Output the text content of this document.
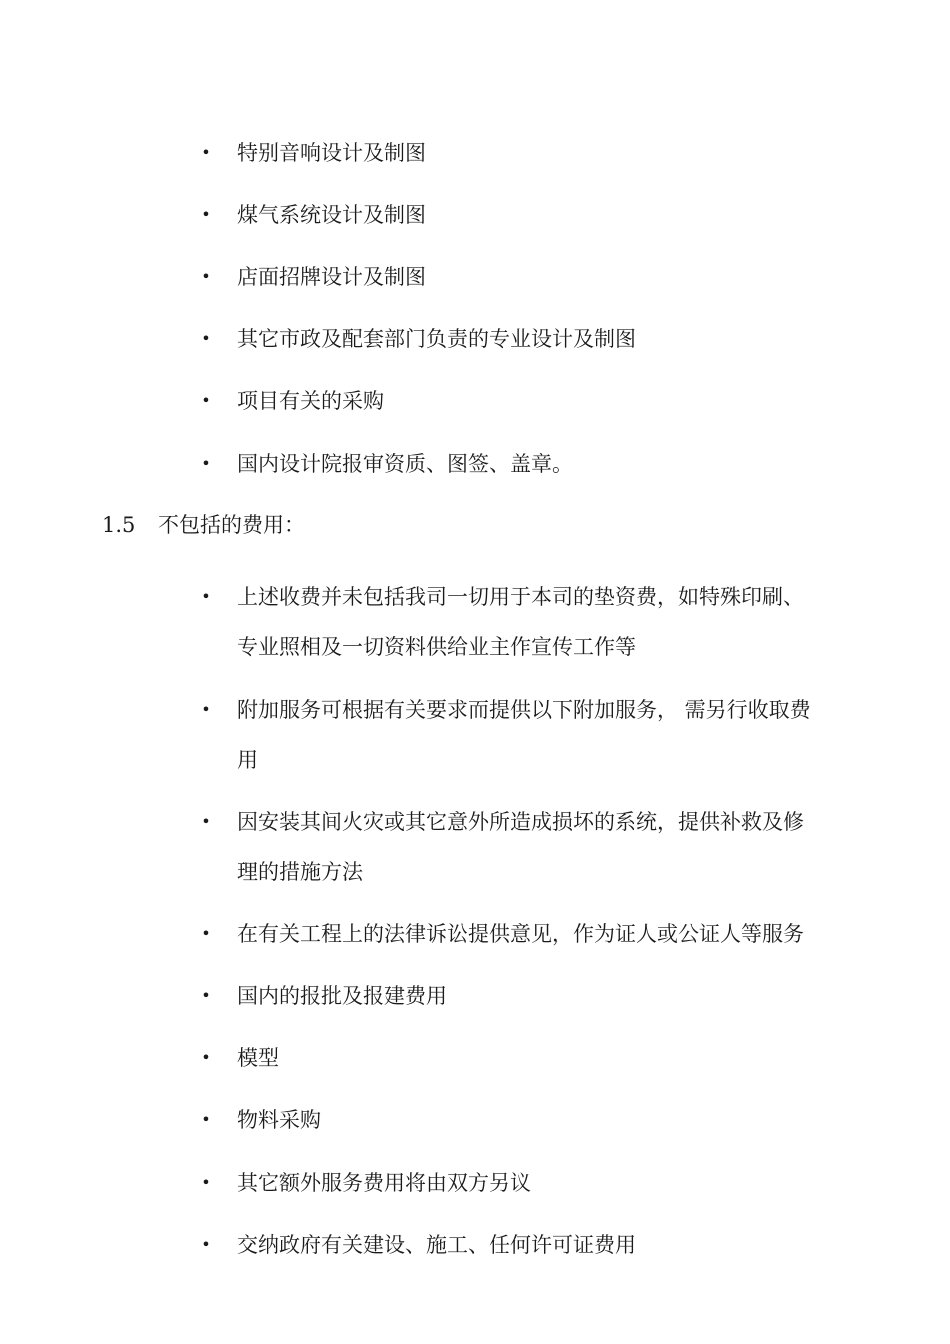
• 特别音响设计及制图
• 煤气系统设计及制图
• 店面招牌设计及制图
• 其它市政及配套部门负责的专业设计及制图
• 项目有关的采购
• 国内设计院报审资质、图签、盖章。
1.5 不包括的费用：
• 上述收费并未包括我司一切用于本司的垫资费，如特殊印刷、
专业照相及一切资料供给业主作宣传工作等
• 附加服务可根据有关要求而提供以下附加服务， 需另行收取费
用
• 因安装其间火灾或其它意外所造成损坏的系统，提供补救及修
理的措施方法
• 在有关工程上的法律诉讼提供意见，作为证人或公证人等服务
• 国内的报批及报建费用
• 模型
• 物料采购
• 其它额外服务费用将由双方另议
• 交纳政府有关建设、施工、任何许可证费用
